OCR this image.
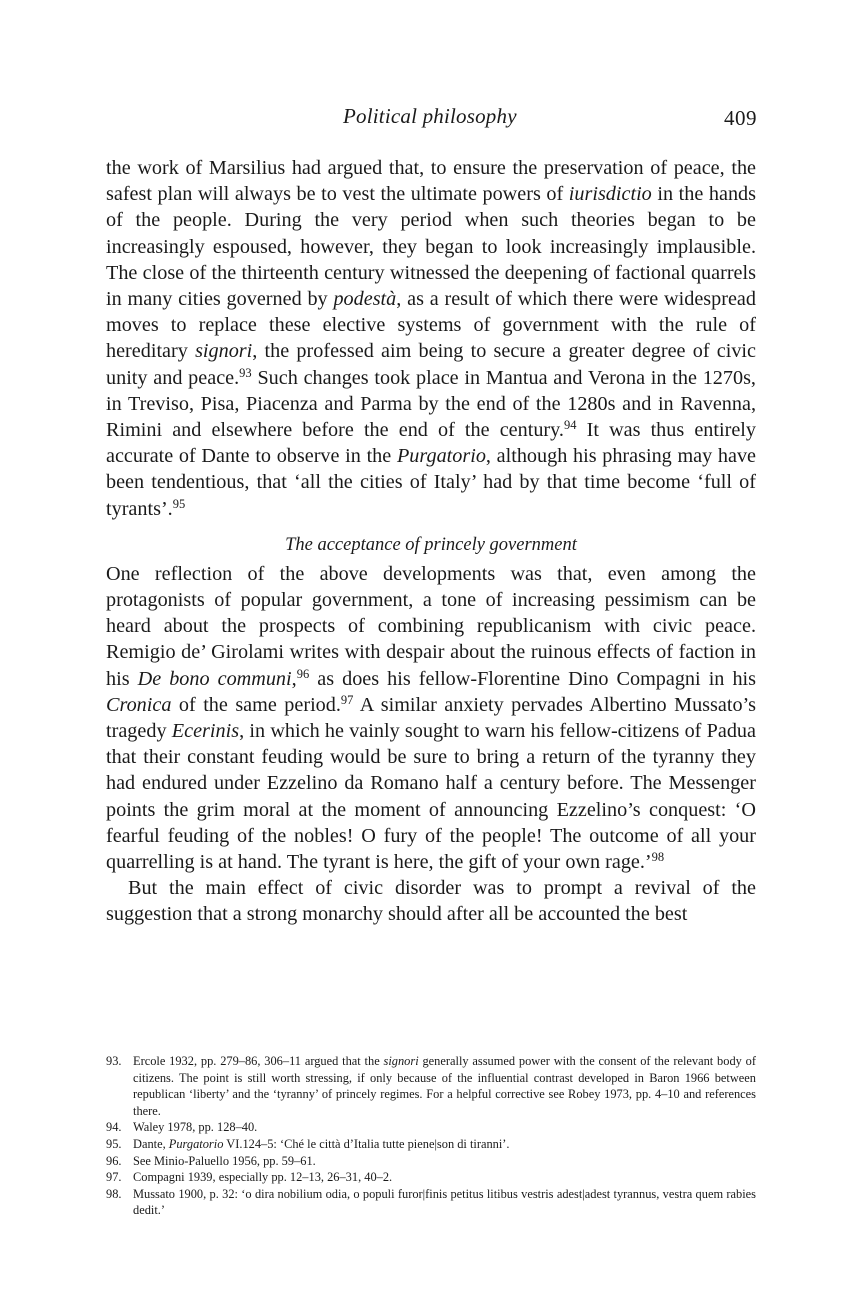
Political philosophy	409

the work of Marsilius had argued that, to ensure the preservation of peace, the safest plan will always be to vest the ultimate powers of iurisdictio in the hands of the people. During the very period when such theories began to be increasingly espoused, however, they began to look increasingly implausible. The close of the thirteenth century witnessed the deepening of factional quarrels in many cities governed by podestà, as a result of which there were widespread moves to replace these elective systems of government with the rule of hereditary signori, the professed aim being to secure a greater degree of civic unity and peace.$^{93}$ Such changes took place in Mantua and Verona in the 1270s, in Treviso, Pisa, Piacenza and Parma by the end of the 1280s and in Ravenna, Rimini and elsewhere before the end of the century.$^{94}$ It was thus entirely accurate of Dante to observe in the Purgatorio, although his phrasing may have been tendentious, that ‘all the cities of Italy’ had by that time become ‘full of tyrants’.$^{95}$

The acceptance of princely government

One reflection of the above developments was that, even among the protagonists of popular government, a tone of increasing pessimism can be heard about the prospects of combining republicanism with civic peace. Remigio de’ Girolami writes with despair about the ruinous effects of faction in his De bono communi,$^{96}$ as does his fellow-Florentine Dino Compagni in his Cronica of the same period.$^{97}$ A similar anxiety pervades Albertino Mussato’s tragedy Ecerinis, in which he vainly sought to warn his fellow-citizens of Padua that their constant feuding would be sure to bring a return of the tyranny they had endured under Ezzelino da Romano half a century before. The Messenger points the grim moral at the moment of announcing Ezzelino’s conquest: ‘O fearful feuding of the nobles! O fury of the people! The outcome of all your quarrelling is at hand. The tyrant is here, the gift of your own rage.’$^{98}$

But the main effect of civic disorder was to prompt a revival of the suggestion that a strong monarchy should after all be accounted the best

93. Ercole 1932, pp. 279–86, 306–11 argued that the signori generally assumed power with the consent of the relevant body of citizens. The point is still worth stressing, if only because of the influential contrast developed in Baron 1966 between republican ‘liberty’ and the ‘tyranny’ of princely regimes. For a helpful corrective see Robey 1973, pp. 4–10 and references there.
94. Waley 1978, pp. 128–40.
95. Dante, Purgatorio VI.124–5: ‘Ché le città d’Italia tutte piene|son di tiranni’.
96. See Minio-Paluello 1956, pp. 59–61.
97. Compagni 1939, especially pp. 12–13, 26–31, 40–2.
98. Mussato 1900, p. 32: ‘o dira nobilium odia, o populi furor|finis petitus litibus vestris adest|adest tyrannus, vestra quem rabies dedit.’
